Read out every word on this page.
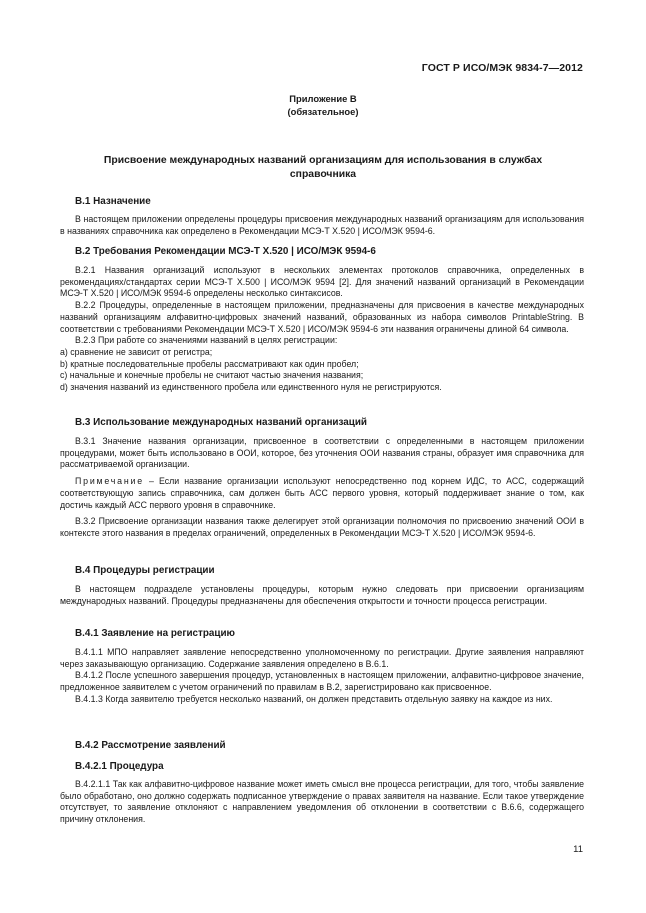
ГОСТ Р ИСО/МЭК 9834-7—2012
Приложение В
(обязательное)
Присвоение международных названий организациям для использования в службах справочника
В.1 Назначение

В настоящем приложении определены процедуры присвоения международных названий организациям для использования в названиях справочника как определено в Рекомендации МСЭ-Т X.520 | ИСО/МЭК 9594-6.

В.2 Требования Рекомендации МСЭ-Т Х.520 | ИСО/МЭК 9594-6

В.2.1 Названия организаций используют в нескольких элементах протоколов справочника, определенных в рекомендациях/стандартах серии МСЭ-Т X.500 | ИСО/МЭК 9594 [2]. Для значений названий организаций в Рекомендации МСЭ-Т X.520 | ИСО/МЭК 9594-6 определены несколько синтаксисов.

В.2.2 Процедуры, определенные в настоящем приложении, предназначены для присвоения в качестве международных названий организациям алфавитно-цифровых значений названий, образованных из набора символов PrintableString. В соответствии с требованиями Рекомендации МСЭ-Т X.520 | ИСО/МЭК 9594-6 эти названия ограничены длиной 64 символа.

В.2.3 При работе со значениями названий в целях регистрации:

а) сравнение не зависит от регистра;

b) кратные последовательные пробелы рассматривают как один пробел;

c) начальные и конечные пробелы не считают частью значения названия;

d) значения названий из единственного пробела или единственного нуля не регистрируются.

В.3 Использование международных названий организаций

В.3.1 Значение названия организации, присвоенное в соответствии с определенными в настоящем приложении процедурами, может быть использовано в ООИ, которое, без уточнения ООИ названия страны, образует имя справочника для рассматриваемой организации.

Примечание – Если название организации используют непосредственно под корнем ИДС, то АСС, содержащий соответствующую запись справочника, сам должен быть АСС первого уровня, который поддерживает знание о том, как достичь каждый АСС первого уровня в справочнике.

В.3.2 Присвоение организации названия также делегирует этой организации полномочия по присвоению значений ООИ в контексте этого названия в пределах ограничений, определенных в Рекомендации МСЭ-Т X.520 | ИСО/МЭК 9594-6.

В.4 Процедуры регистрации

В настоящем подразделе установлены процедуры, которым нужно следовать при присвоении организациям международных названий. Процедуры предназначены для обеспечения открытости и точности процесса регистрации.

В.4.1 Заявление на регистрацию

В.4.1.1 МПО направляет заявление непосредственно уполномоченному по регистрации. Другие заявления направляют через заказывающую организацию. Содержание заявления определено в В.6.1.

В.4.1.2 После успешного завершения процедур, установленных в настоящем приложении, алфавитно-цифровое значение, предложенное заявителем с учетом ограничений по правилам в В.2, зарегистрировано как присвоенное.

В.4.1.3 Когда заявителю требуется несколько названий, он должен представить отдельную заявку на каждое из них.

В.4.2 Рассмотрение заявлений
В.4.2.1 Процедура

В.4.2.1.1 Так как алфавитно-цифровое название может иметь смысл вне процесса регистрации, для того, чтобы заявление было обработано, оно должно содержать подписанное утверждение о правах заявителя на название. Если такое утверждение отсутствует, то заявление отклоняют с направлением уведомления об отклонении в соответствии с В.6.6, содержащего причину отклонения.

11
